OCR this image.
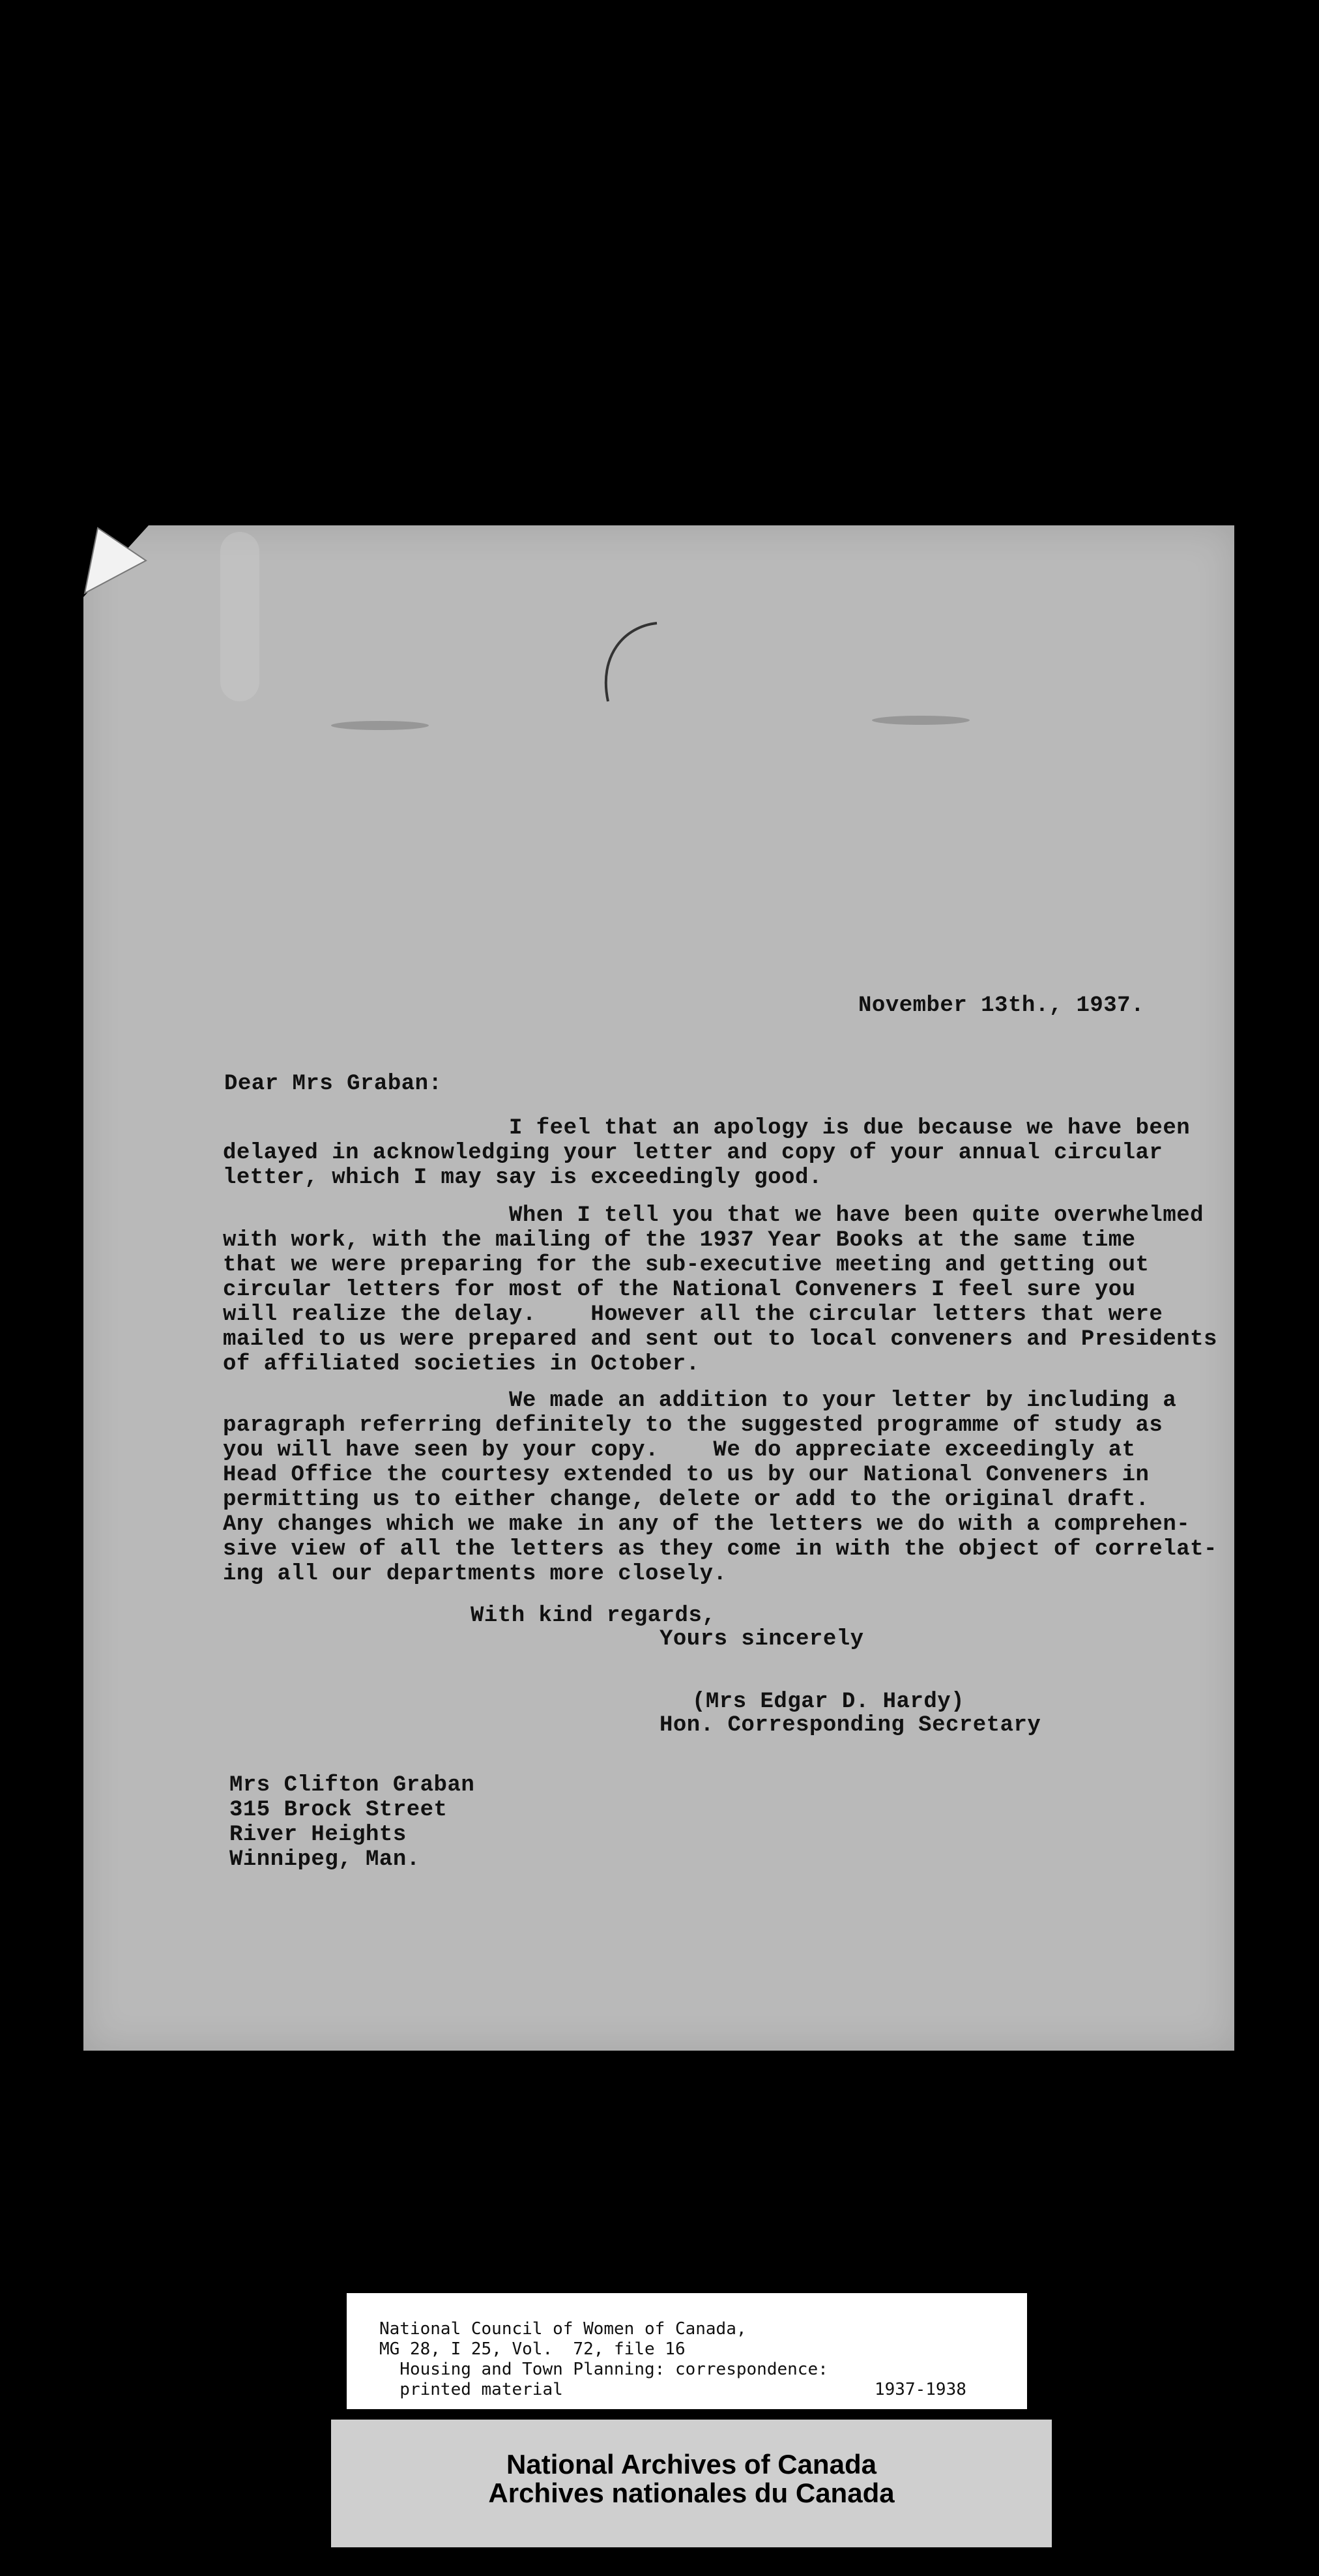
November 13th., 1937.
Dear Mrs Graban:
I feel that an apology is due because we have been
delayed in acknowledging your letter and copy of your annual circular
letter, which I may say is exceedingly good.
When I tell you that we have been quite overwhelmed
with work, with the mailing of the 1937 Year Books at the same time
that we were preparing for the sub-executive meeting and getting out
circular letters for most of the National Conveners I feel sure you
will realize the delay.    However all the circular letters that were
mailed to us were prepared and sent out to local conveners and Presidents
of affiliated societies in October.
We made an addition to your letter by including a
paragraph referring definitely to the suggested programme of study as
you will have seen by your copy.    We do appreciate exceedingly at
Head Office the courtesy extended to us by our National Conveners in
permitting us to either change, delete or add to the original draft.
Any changes which we make in any of the letters we do with a comprehen-
sive view of all the letters as they come in with the object of correlat-
ing all our departments more closely.
With kind regards,
Yours sincerely
(Mrs Edgar D. Hardy)
Hon. Corresponding Secretary
Mrs Clifton Graban
315 Brock Street
River Heights
Winnipeg, Man.
National Council of Women of Canada,
MG 28, I 25, Vol.  72, file 16
Housing and Town Planning: correspondence:
printed material	1937-1938
National Archives of Canada
Archives nationales du Canada
